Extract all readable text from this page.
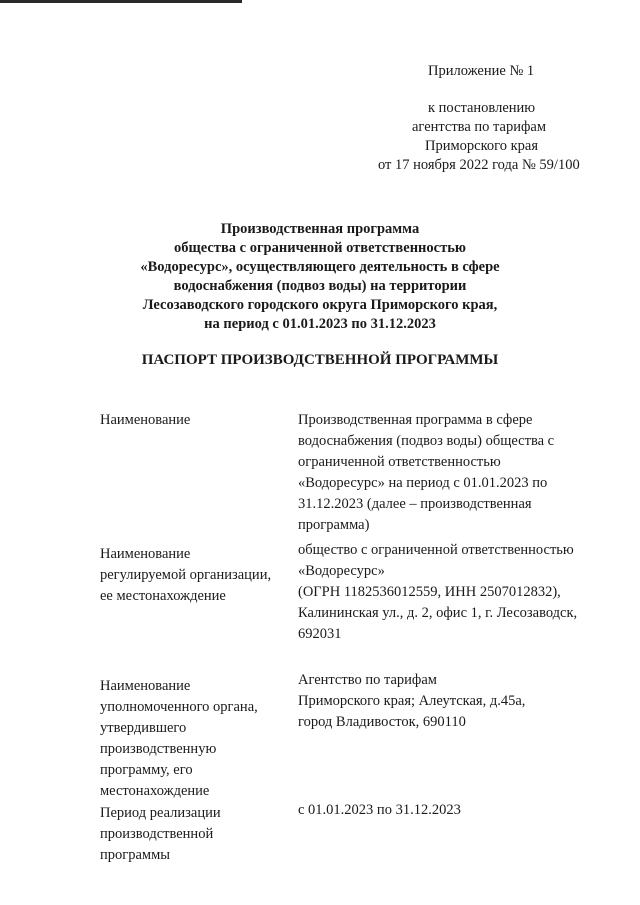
Приложение № 1
к постановлению
агентства по тарифам
Приморского края
от 17 ноября 2022 года № 59/100
Производственная программа
общества с ограниченной ответственностью
«Водоресурс», осуществляющего деятельность в сфере
водоснабжения (подвоз воды) на территории
Лесозаводского городского округа Приморского края,
на период с 01.01.2023 по 31.12.2023
ПАСПОРТ ПРОИЗВОДСТВЕННОЙ ПРОГРАММЫ
Наименование	Производственная программа в сфере
водоснабжения (подвоз воды) общества с
ограниченной ответственностью
«Водоресурс» на период с 01.01.2023 по
31.12.2023 (далее – производственная
программа)
Наименование
регулируемой организации,
ее местонахождение
общество с ограниченной ответственностью
«Водоресурс»
(ОГРН 1182536012559, ИНН 2507012832),
Калининская ул., д. 2, офис 1, г. Лесозаводск,
692031
Наименование
уполномоченного органа,
утвердившего
производственную
программу, его
местонахождение
Агентство по тарифам
Приморского края; Алеутская, д.45а,
город Владивосток, 690110
Период реализации
производственной
программы
с 01.01.2023 по 31.12.2023
